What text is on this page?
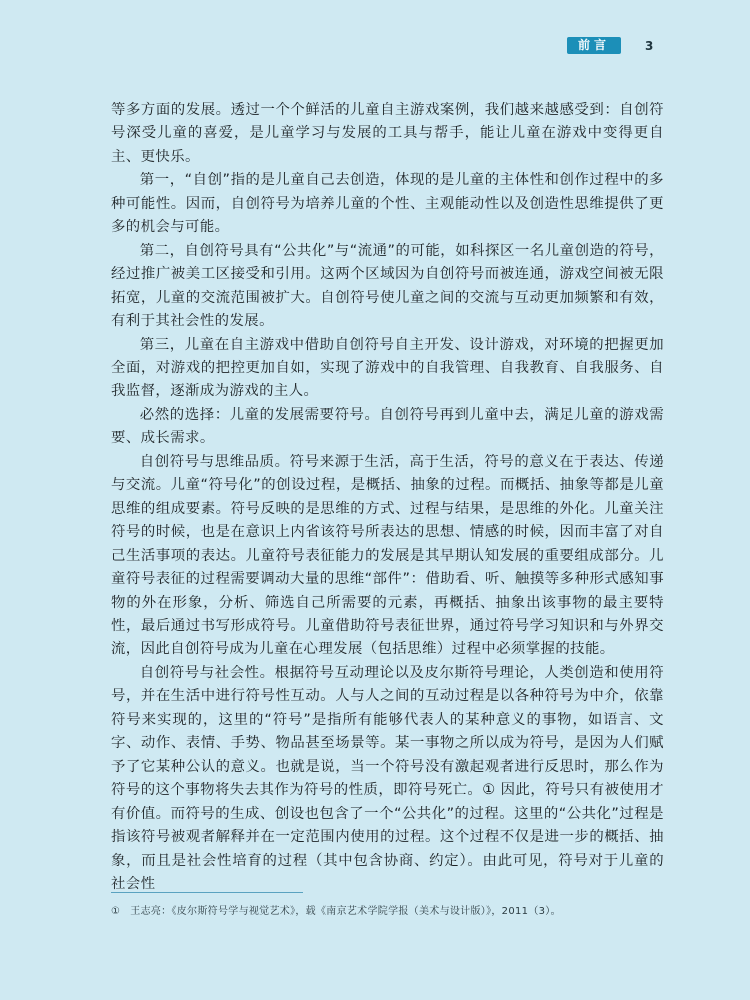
前言	3

等多方面的发展。透过一个个鲜活的儿童自主游戏案例，我们越来越感受到：自创符号深受儿童的喜爱，是儿童学习与发展的工具与帮手，能让儿童在游戏中变得更自主、更快乐。

第一，“自创”指的是儿童自己去创造，体现的是儿童的主体性和创作过程中的多种可能性。因而，自创符号为培养儿童的个性、主观能动性以及创造性思维提供了更多的机会与可能。

第二，自创符号具有“公共化”与“流通”的可能，如科探区一名儿童创造的符号，经过推广被美工区接受和引用。这两个区域因为自创符号而被连通，游戏空间被无限拓宽，儿童的交流范围被扩大。自创符号使儿童之间的交流与互动更加频繁和有效，有利于其社会性的发展。

第三，儿童在自主游戏中借助自创符号自主开发、设计游戏，对环境的把握更加全面，对游戏的把控更加自如，实现了游戏中的自我管理、自我教育、自我服务、自我监督，逐渐成为游戏的主人。

必然的选择：儿童的发展需要符号。自创符号再到儿童中去，满足儿童的游戏需要、成长需求。

自创符号与思维品质。符号来源于生活，高于生活，符号的意义在于表达、传递与交流。儿童“符号化”的创设过程，是概括、抽象的过程。而概括、抽象等都是儿童思维的组成要素。符号反映的是思维的方式、过程与结果，是思维的外化。儿童关注符号的时候，也是在意识上内省该符号所表达的思想、情感的时候，因而丰富了对自己生活事项的表达。儿童符号表征能力的发展是其早期认知发展的重要组成部分。儿童符号表征的过程需要调动大量的思维“部件”：借助看、听、触摸等多种形式感知事物的外在形象，分析、筛选自己所需要的元素，再概括、抽象出该事物的最主要特性，最后通过书写形成符号。儿童借助符号表征世界，通过符号学习知识和与外界交流，因此自创符号成为儿童在心理发展（包括思维）过程中必须掌握的技能。

自创符号与社会性。根据符号互动理论以及皮尔斯符号理论，人类创造和使用符号，并在生活中进行符号性互动。人与人之间的互动过程是以各种符号为中介，依靠符号来实现的，这里的“符号”是指所有能够代表人的某种意义的事物，如语言、文字、动作、表情、手势、物品甚至场景等。某一事物之所以成为符号，是因为人们赋予了它某种公认的意义。也就是说，当一个符号没有激起观者进行反思时，那么作为符号的这个事物将失去其作为符号的性质，即符号死亡。① 因此，符号只有被使用才有价值。而符号的生成、创设也包含了一个“公共化”的过程。这里的“公共化”过程是指该符号被观者解释并在一定范围内使用的过程。这个过程不仅是进一步的概括、抽象，而且是社会性培育的过程（其中包含协商、约定）。由此可见，符号对于儿童的社会性

① 王志亮：《皮尔斯符号学与视觉艺术》，载《南京艺术学院学报（美术与设计版）》，2011（3）。
